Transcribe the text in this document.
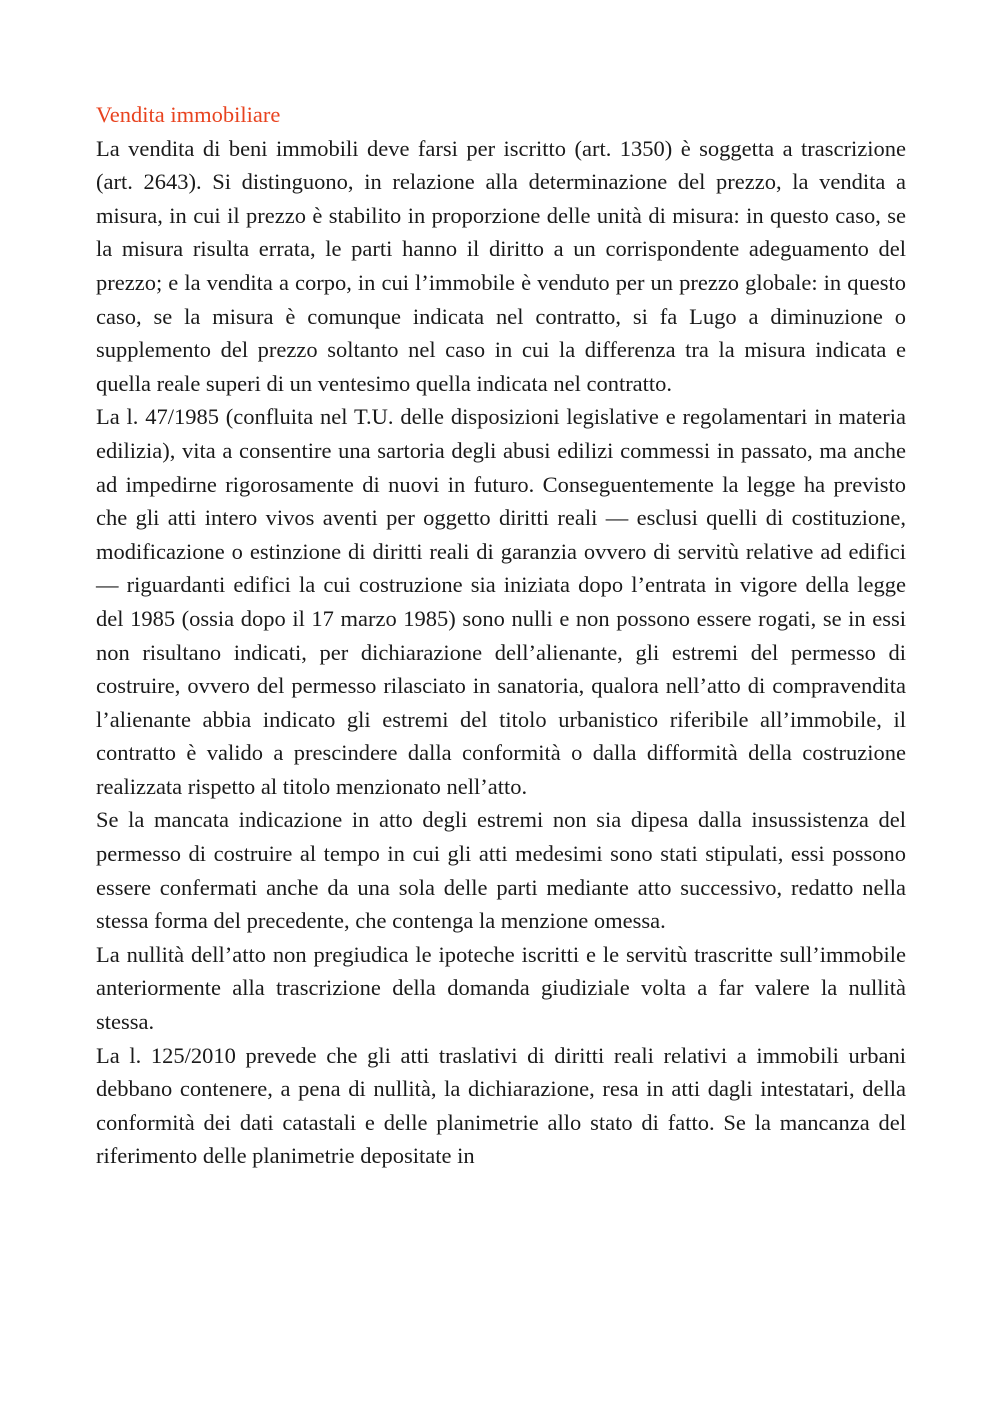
Vendita immobiliare

La vendita di beni immobili deve farsi per iscritto (art. 1350) è soggetta a trascrizione (art. 2643). Si distinguono, in relazione alla determinazione del prezzo, la vendita a misura, in cui il prezzo è stabilito in proporzione delle unità di misura: in questo caso, se la misura risulta errata, le parti hanno il diritto a un corrispondente adeguamento del prezzo; e la vendita a corpo, in cui l’immobile è venduto per un prezzo globale: in questo caso, se la misura è comunque indicata nel contratto, si fa Lugo a diminuzione o supplemento del prezzo soltanto nel caso in cui la differenza tra la misura indicata e quella reale superi di un ventesimo quella indicata nel contratto.

La l. 47/1985 (confluita nel T.U. delle disposizioni legislative e regolamentari in materia edilizia), vita a consentire una sartoria degli abusi edilizi commessi in passato, ma anche ad impedirne rigorosamente di nuovi in futuro. Conseguentemente la legge ha previsto che gli atti intero vivos aventi per oggetto diritti reali — esclusi quelli di costituzione, modificazione o estinzione di diritti reali di garanzia ovvero di servitù relative ad edifici — riguardanti edifici la cui costruzione sia iniziata dopo l’entrata in vigore della legge del 1985 (ossia dopo il 17 marzo 1985) sono nulli e non possono essere rogati, se in essi non risultano indicati, per dichiarazione dell’alienante, gli estremi del permesso di costruire, ovvero del permesso rilasciato in sanatoria, qualora nell’atto di compravendita l’alienante abbia indicato gli estremi del titolo urbanistico riferibile all’immobile, il contratto è valido a prescindere dalla conformità o dalla difformità della costruzione realizzata rispetto al titolo menzionato nell’atto.

Se la mancata indicazione in atto degli estremi non sia dipesa dalla insussistenza del permesso di costruire al tempo in cui gli atti medesimi sono stati stipulati, essi possono essere confermati anche da una sola delle parti mediante atto successivo, redatto nella stessa forma del precedente, che contenga la menzione omessa.

La nullità dell’atto non pregiudica le ipoteche iscritti e le servitù trascritte sull’immobile anteriormente alla trascrizione della domanda giudiziale volta a far valere la nullità stessa.

La l. 125/2010 prevede che gli atti traslativi di diritti reali relativi a immobili urbani debbano contenere, a pena di nullità, la dichiarazione, resa in atti dagli intestatari, della conformità dei dati catastali e delle planimetrie allo stato di fatto. Se la mancanza del riferimento delle planimetrie depositate in
